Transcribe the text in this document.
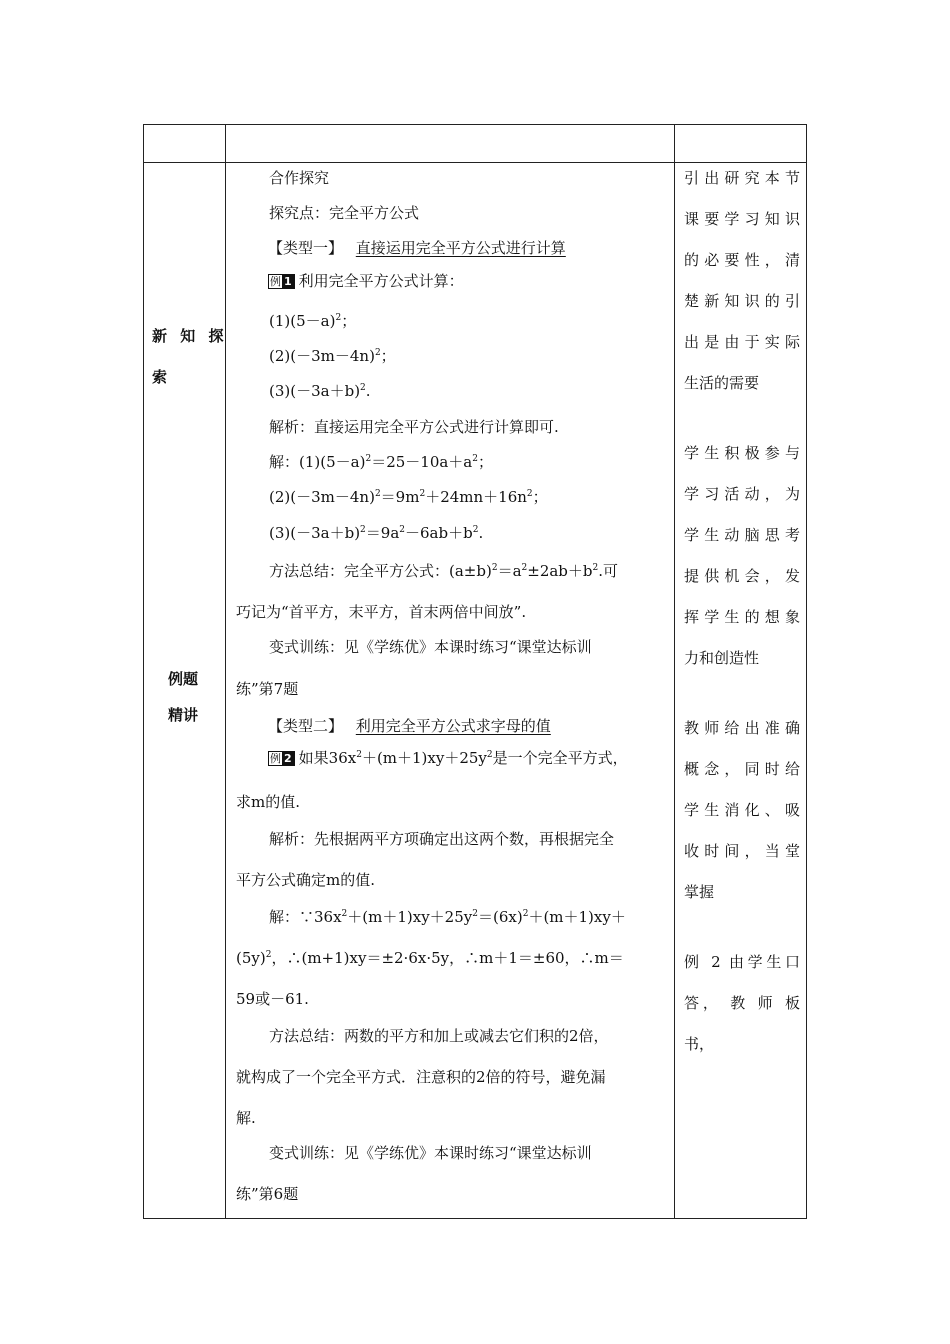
新 知 探
索
例题
精讲
合作探究
探究点：完全平方公式
【类型一】 直接运用完全平方公式进行计算
例 1 利用完全平方公式计算：
$(1)(5-a)^2$；
$(2)(-3m-4n)^2$；
$(3)(-3a+b)^2$.
解析：直接运用完全平方公式进行计算即可.
解：$(1)(5-a)^2=25-10a+a^2$；
$(2)(-3m-4n)^2=9m^2+24mn+16n^2$；
$(3)(-3a+b)^2=9a^2-6ab+b^2$.
方法总结：完全平方公式：$(a\pm b)^2=a^2\pm 2ab+b^2$.可
巧记为“首平方，末平方，首末两倍中间放”.
变式训练：见《学练优》本课时练习“课堂达标训
练”第7题
【类型二】 利用完全平方公式求字母的值
例 2 如果$36x^2+(m+1)xy+25y^2$是一个完全平方式，
求m的值.
解析：先根据两平方项确定出这两个数，再根据完全
平方公式确定m的值.
解：$\because 36x^2+(m+1)xy+25y^2=(6x)^2+(m+1)xy+$
$(5y)^2$，∴(m+1)xy＝±2·6x·5y，∴m＋1＝±60，∴m＝
59或－61.
方法总结：两数的平方和加上或减去它们积的2倍，
就构成了一个完全平方式．注意积的2倍的符号，避免漏
解.
变式训练：见《学练优》本课时练习“课堂达标训
练”第6题
引出研究本节
课要学习知识
的必要性，清
楚新知识的引
出是由于实际
生活的需要
学生积极参与
学习活动，为
学生动脑思考
提供机会，发
挥学生的想象
力和创造性
教师给出准确
概念，同时给
学生消化、吸
收时间，当堂
掌握
例 2 由学生口
答， 教 师 板
书，
